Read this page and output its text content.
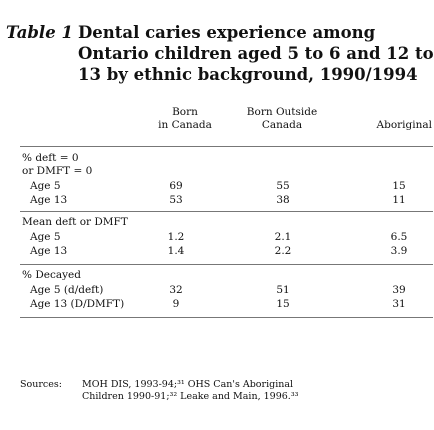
Table 1 Dental caries experience among
Ontario children aged 5 to 6 and 12 to
13 by ethnic background, 1990/1994
Born
in Canada
Born Outside
Canada	Aboriginal
% deft = 0
or DMFT = 0
Age 5	69	55	15
Age 13	53	38	11
Mean deft or DMFT
Age 5	1.2	2.1	6.5
Age 13	1.4	2.2	3.9
% Decayed
Age 5 (d/deft)	32	51	39
Age 13 (D/DMFT)	9	15	31
Sources: MOH DIS, 1993-94;³¹ OHS Can's Aboriginal
Children 1990-91;³² Leake and Main, 1996.³³
